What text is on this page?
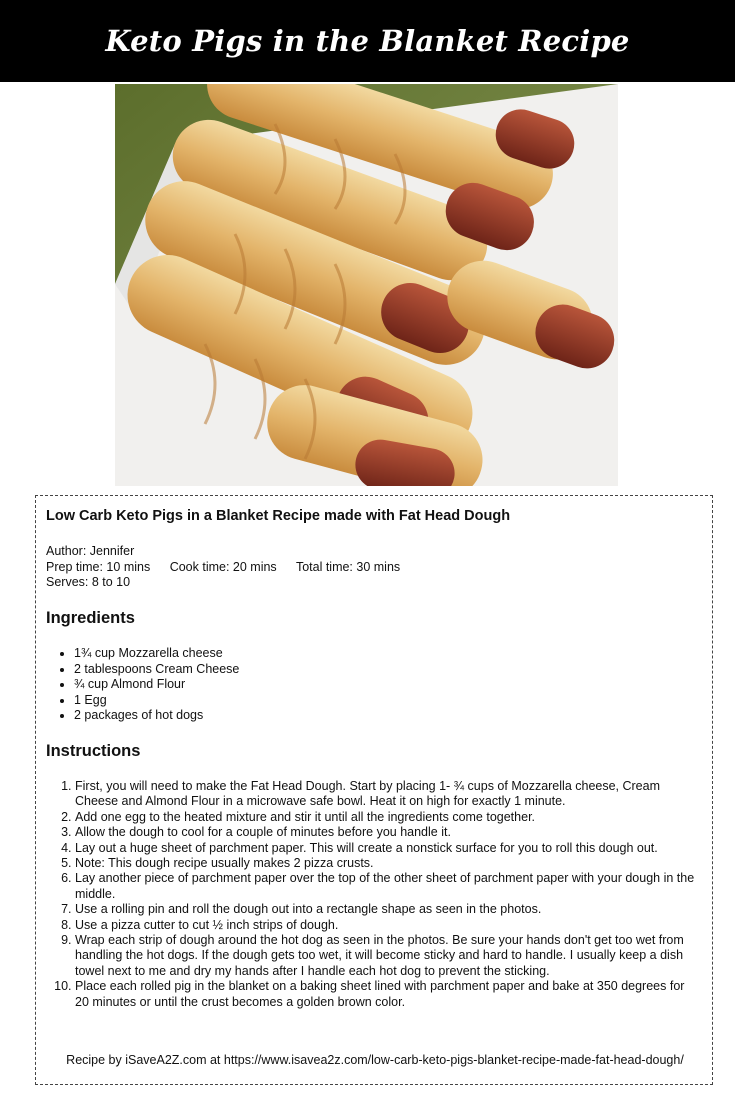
Keto Pigs in the Blanket Recipe
Low Carb Keto Pigs in a Blanket Recipe made with Fat Head Dough
Author: Jennifer
Prep time: 10 mins Cook time: 20 mins Total time: 30 mins
Serves: 8 to 10
Ingredients
• 1¾ cup Mozzarella cheese
• 2 tablespoons Cream Cheese
• ¾ cup Almond Flour
• 1 Egg
• 2 packages of hot dogs
Instructions
1. First, you will need to make the Fat Head Dough. Start by placing 1- ¾ cups of Mozzarella cheese, Cream Cheese and Almond Flour in a microwave safe bowl. Heat it on high for exactly 1 minute.
2. Add one egg to the heated mixture and stir it until all the ingredients come together.
3. Allow the dough to cool for a couple of minutes before you handle it.
4. Lay out a huge sheet of parchment paper. This will create a nonstick surface for you to roll this dough out.
5. Note: This dough recipe usually makes 2 pizza crusts.
6. Lay another piece of parchment paper over the top of the other sheet of parchment paper with your dough in the middle.
7. Use a rolling pin and roll the dough out into a rectangle shape as seen in the photos.
8. Use a pizza cutter to cut ½ inch strips of dough.
9. Wrap each strip of dough around the hot dog as seen in the photos. Be sure your hands don't get too wet from handling the hot dogs. If the dough gets too wet, it will become sticky and hard to handle. I usually keep a dish towel next to me and dry my hands after I handle each hot dog to prevent the sticking.
10. Place each rolled pig in the blanket on a baking sheet lined with parchment paper and bake at 350 degrees for 20 minutes or until the crust becomes a golden brown color.
Recipe by iSaveA2Z.com at https://www.isavea2z.com/low-carb-keto-pigs-blanket-recipe-made-fat-head-dough/
